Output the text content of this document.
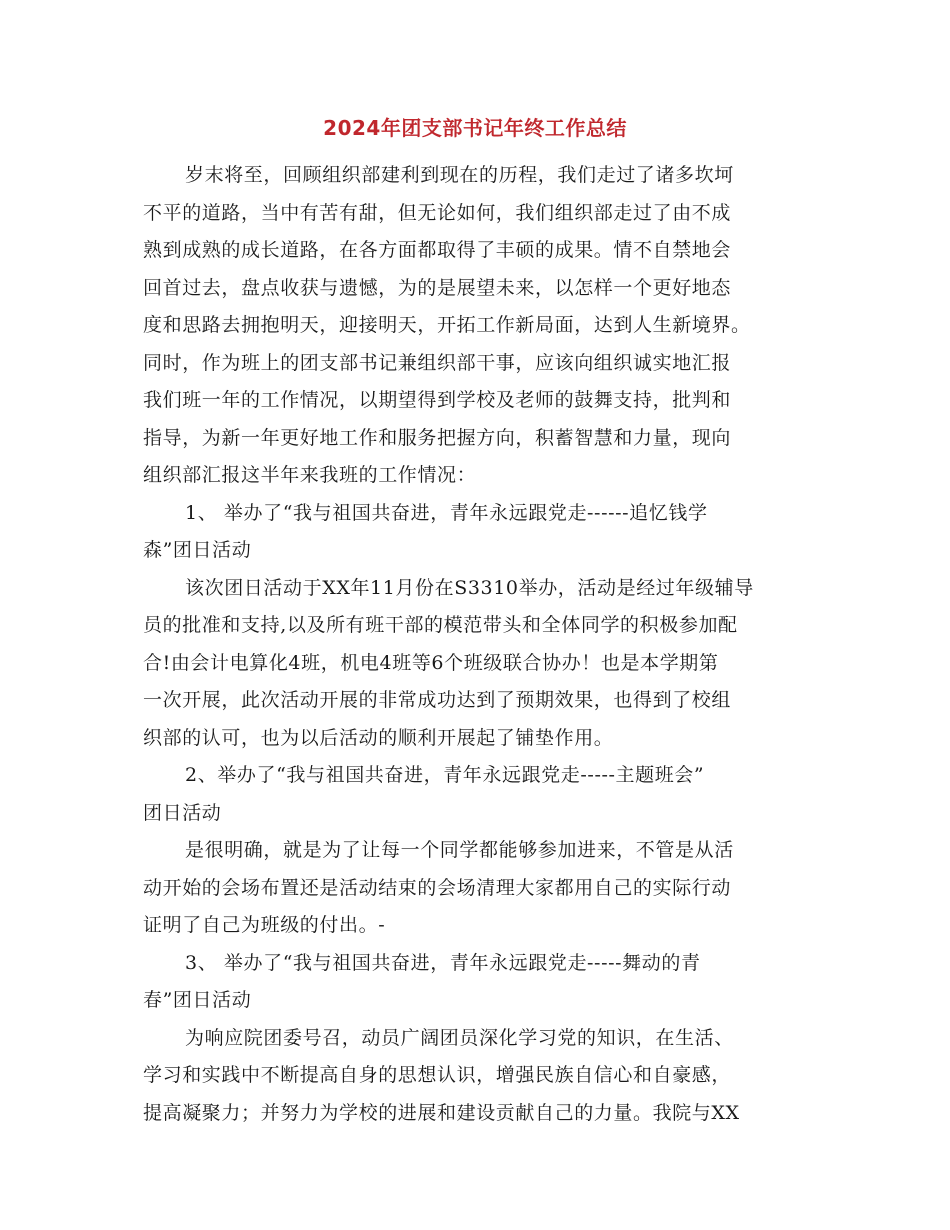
2024年团支部书记年终工作总结
岁末将至，回顾组织部建利到现在的历程，我们走过了诸多坎坷
不平的道路，当中有苦有甜，但无论如何，我们组织部走过了由不成
熟到成熟的成长道路，在各方面都取得了丰硕的成果。情不自禁地会
回首过去，盘点收获与遗憾，为的是展望未来，以怎样一个更好地态
度和思路去拥抱明天，迎接明天，开拓工作新局面，达到人生新境界。
同时，作为班上的团支部书记兼组织部干事，应该向组织诚实地汇报
我们班一年的工作情况，以期望得到学校及老师的鼓舞支持，批判和
指导，为新一年更好地工作和服务把握方向，积蓄智慧和力量，现向
组织部汇报这半年来我班的工作情况：
1、 举办了“我与祖国共奋进，青年永远跟党走------追忆钱学
森”团日活动
该次团日活动于XX年11月份在S3310举办，活动是经过年级辅导
员的批准和支持,以及所有班干部的模范带头和全体同学的积极参加配
合!由会计电算化4班，机电4班等6个班级联合协办！也是本学期第
一次开展，此次活动开展的非常成功达到了预期效果，也得到了校组
织部的认可，也为以后活动的顺利开展起了铺垫作用。
2、举办了“我与祖国共奋进，青年永远跟党走-----主题班会”
团日活动
是很明确，就是为了让每一个同学都能够参加进来，不管是从活
动开始的会场布置还是活动结束的会场清理大家都用自己的实际行动
证明了自己为班级的付出。-
3、 举办了“我与祖国共奋进，青年永远跟党走-----舞动的青
春”团日活动
为响应院团委号召，动员广阔团员深化学习党的知识，在生活、
学习和实践中不断提高自身的思想认识，增强民族自信心和自豪感，
提高凝聚力；并努力为学校的进展和建设贡献自己的力量。我院与XX
